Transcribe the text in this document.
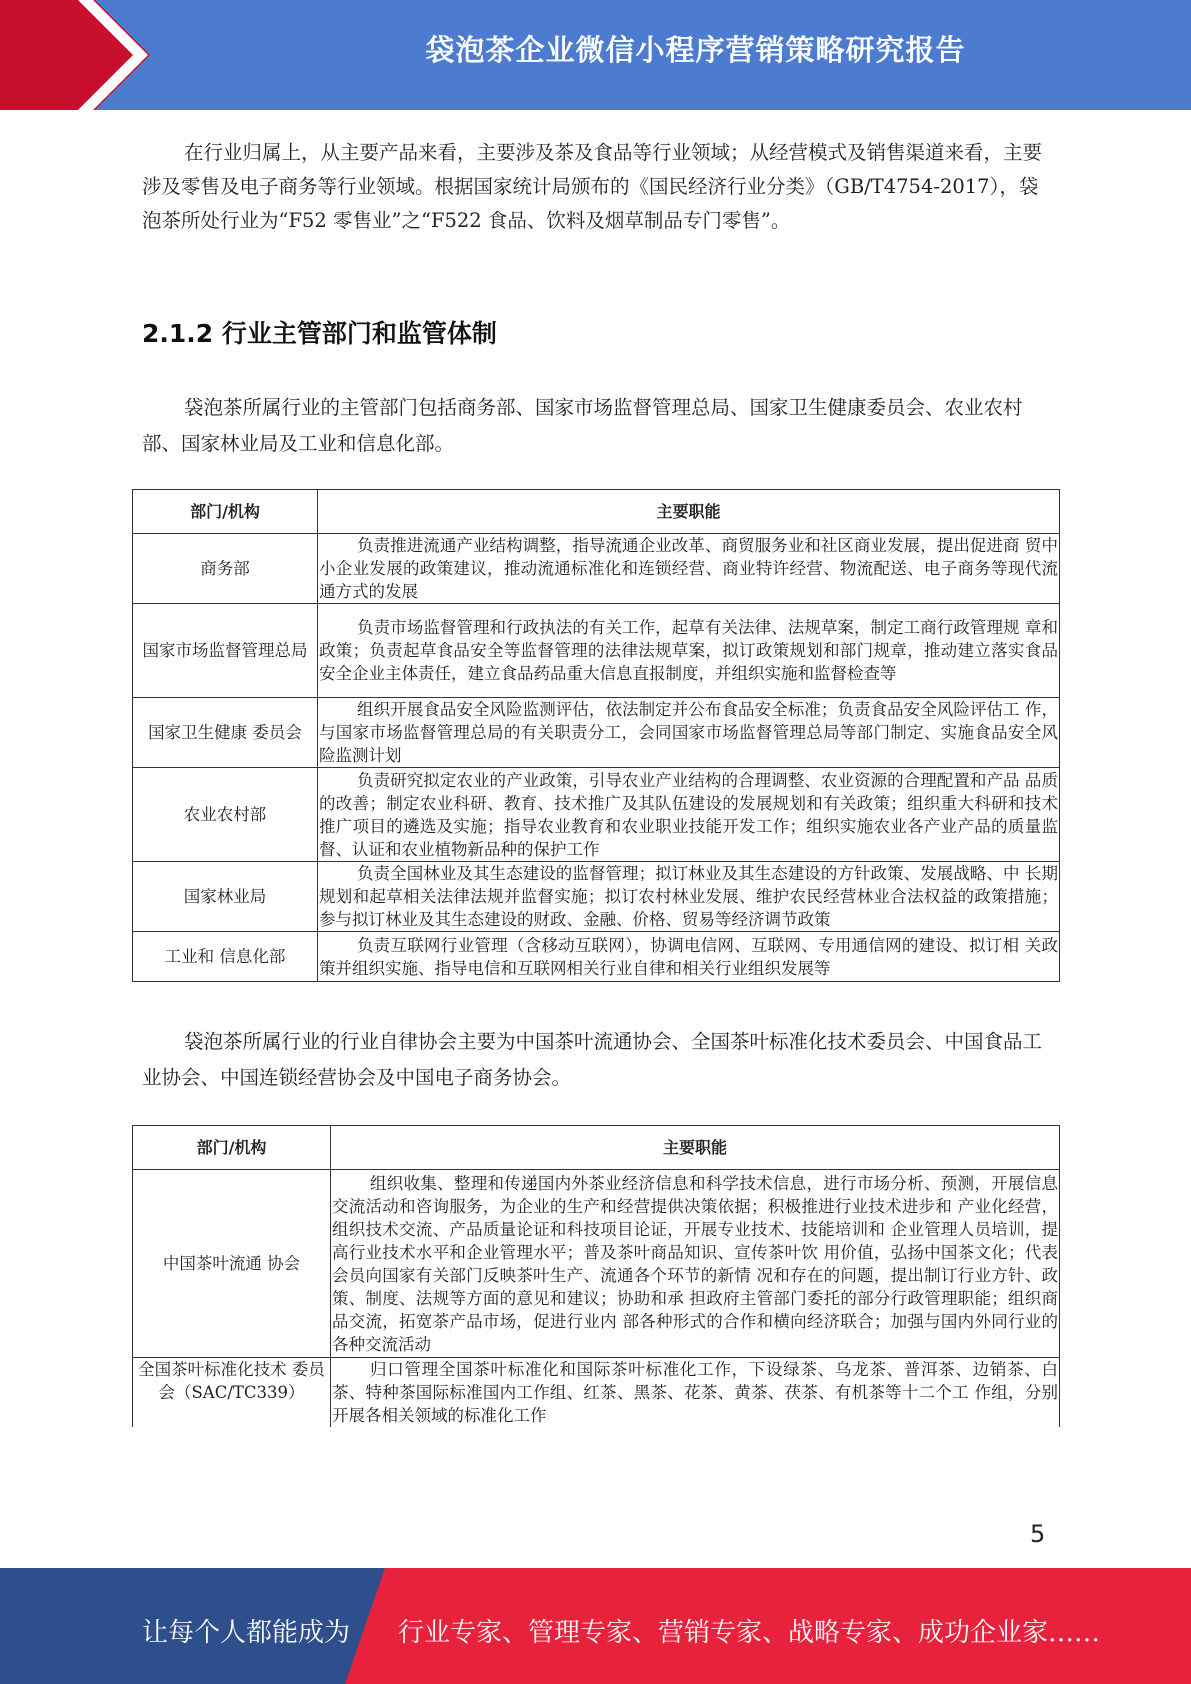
袋泡茶企业微信小程序营销策略研究报告
在行业归属上，从主要产品来看，主要涉及茶及食品等行业领域；从经营模式及销售渠道来看，主要涉及零售及电子商务等行业领域。根据国家统计局颁布的《国民经济行业分类》（GB/T4754-2017），袋泡茶所处行业为“F52 零售业”之“F522 食品、饮料及烟草制品专门零售”。
2.1.2 行业主管部门和监管体制
袋泡茶所属行业的主管部门包括商务部、国家市场监督管理总局、国家卫生健康委员会、农业农村部、国家林业局及工业和信息化部。
部门/机构	主要职能
商务部	负责推进流通产业结构调整，指导流通企业改革、商贸服务业和社区商业发展，提出促进商 贸中小企业发展的政策建议，推动流通标准化和连锁经营、商业特许经营、物流配送、电子商务等现代流通方式的发展
国家市场监督管理总局	负责市场监督管理和行政执法的有关工作，起草有关法律、法规草案，制定工商行政管理规 章和政策；负责起草食品安全等监督管理的法律法规草案，拟订政策规划和部门规章，推动建立落实食品安全企业主体责任，建立食品药品重大信息直报制度，并组织实施和监督检查等
国家卫生健康 委员会	组织开展食品安全风险监测评估，依法制定并公布食品安全标准；负责食品安全风险评估工 作，与国家市场监督管理总局的有关职责分工，会同国家市场监督管理总局等部门制定、实施食品安全风险监测计划
农业农村部	负责研究拟定农业的产业政策，引导农业产业结构的合理调整、农业资源的合理配置和产品 品质的改善；制定农业科研、教育、技术推广及其队伍建设的发展规划和有关政策；组织重大科研和技术推广项目的遴选及实施；指导农业教育和农业职业技能开发工作；组织实施农业各产业产品的质量监督、认证和农业植物新品种的保护工作
国家林业局	负责全国林业及其生态建设的监督管理；拟订林业及其生态建设的方针政策、发展战略、中 长期规划和起草相关法律法规并监督实施；拟订农村林业发展、维护农民经营林业合法权益的政策措施；参与拟订林业及其生态建设的财政、金融、价格、贸易等经济调节政策
工业和 信息化部	负责互联网行业管理（含移动互联网），协调电信网、互联网、专用通信网的建设、拟订相 关政策并组织实施、指导电信和互联网相关行业自律和相关行业组织发展等
袋泡茶所属行业的行业自律协会主要为中国茶叶流通协会、全国茶叶标准化技术委员会、中国食品工业协会、中国连锁经营协会及中国电子商务协会。
部门/机构	主要职能
中国茶叶流通 协会	组织收集、整理和传递国内外茶业经济信息和科学技术信息，进行市场分析、预测，开展信息交流活动和咨询服务，为企业的生产和经营提供决策依据；积极推进行业技术进步和 产业化经营，组织技术交流、产品质量论证和科技项目论证，开展专业技术、技能培训和 企业管理人员培训，提高行业技术水平和企业管理水平；普及茶叶商品知识、宣传茶叶饮 用价值，弘扬中国茶文化；代表会员向国家有关部门反映茶叶生产、流通各个环节的新情 况和存在的问题，提出制订行业方针、政策、制度、法规等方面的意见和建议；协助和承 担政府主管部门委托的部分行政管理职能；组织商品交流，拓宽茶产品市场，促进行业内 部各种形式的合作和横向经济联合；加强与国内外同行业的各种交流活动
全国茶叶标准化技术 委员会（SAC/TC339）	归口管理全国茶叶标准化和国际茶叶标准化工作，下设绿茶、乌龙茶、普洱茶、边销茶、白茶、特种茶国际标准国内工作组、红茶、黑茶、花茶、黄茶、茯茶、有机茶等十二个工 作组，分别开展各相关领域的标准化工作
5
让每个人都能成为 行业专家、管理专家、营销专家、战略专家、成功企业家……
